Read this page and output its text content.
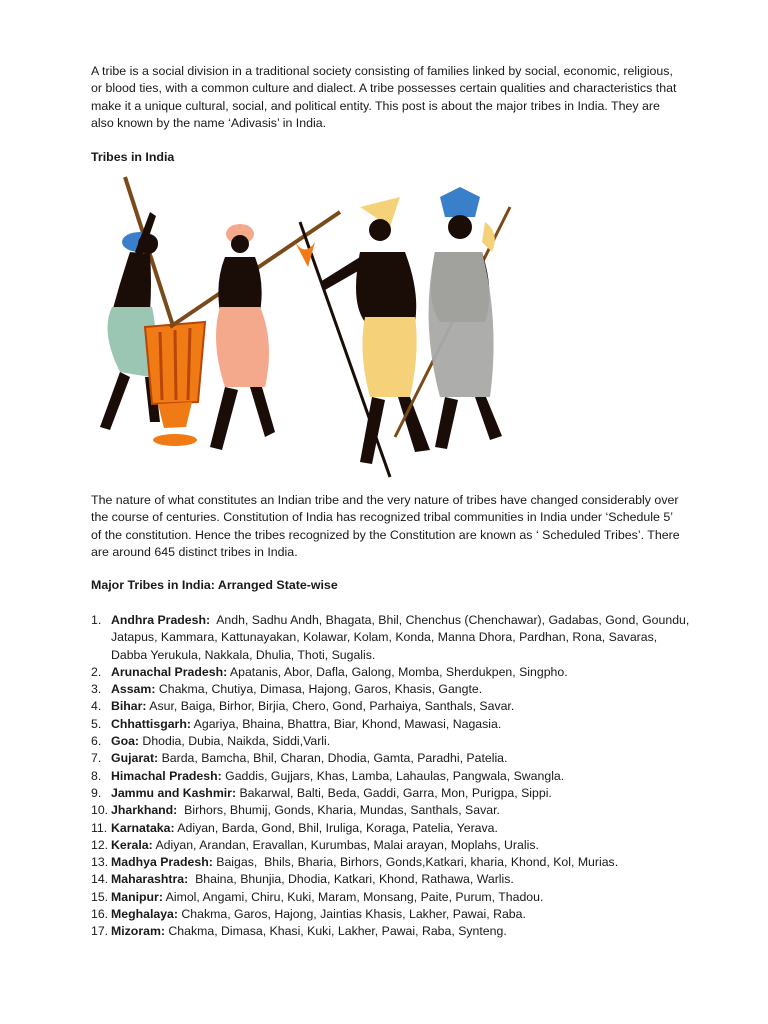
A tribe is a social division in a traditional society consisting of families linked by social, economic, religious, or blood ties, with a common culture and dialect. A tribe possesses certain qualities and characteristics that make it a unique cultural, social, and political entity. This post is about the major tribes in India. They are also known by the name ‘Adivasis’ in India.

Tribes in India

The nature of what constitutes an Indian tribe and the very nature of tribes have changed considerably over the course of centuries. Constitution of India has recognized tribal communities in India under ‘Schedule 5’ of the constitution. Hence the tribes recognized by the Constitution are known as ‘ Scheduled Tribes’. There are around 645 distinct tribes in India.

Major Tribes in India: Arranged State-wise

1. Andhra Pradesh:  Andh, Sadhu Andh, Bhagata, Bhil, Chenchus (Chenchawar), Gadabas, Gond, Goundu, Jatapus, Kammara, Kattunayakan, Kolawar, Kolam, Konda, Manna Dhora, Pardhan, Rona, Savaras, Dabba Yerukula, Nakkala, Dhulia, Thoti, Sugalis.
2. Arunachal Pradesh: Apatanis, Abor, Dafla, Galong, Momba, Sherdukpen, Singpho.
3. Assam: Chakma, Chutiya, Dimasa, Hajong, Garos, Khasis, Gangte.
4. Bihar: Asur, Baiga, Birhor, Birjia, Chero, Gond, Parhaiya, Santhals, Savar.
5. Chhattisgarh: Agariya, Bhaina, Bhattra, Biar, Khond, Mawasi, Nagasia.
6. Goa: Dhodia, Dubia, Naikda, Siddi,Varli.
7. Gujarat: Barda, Bamcha, Bhil, Charan, Dhodia, Gamta, Paradhi, Patelia.
8. Himachal Pradesh: Gaddis, Gujjars, Khas, Lamba, Lahaulas, Pangwala, Swangla.
9. Jammu and Kashmir: Bakarwal, Balti, Beda, Gaddi, Garra, Mon, Purigpa, Sippi.
10. Jharkhand:  Birhors, Bhumij, Gonds, Kharia, Mundas, Santhals, Savar.
11. Karnataka: Adiyan, Barda, Gond, Bhil, Iruliga, Koraga, Patelia, Yerava.
12. Kerala: Adiyan, Arandan, Eravallan, Kurumbas, Malai arayan, Moplahs, Uralis.
13. Madhya Pradesh: Baigas,  Bhils, Bharia, Birhors, Gonds,Katkari, kharia, Khond, Kol, Murias.
14. Maharashtra:  Bhaina, Bhunjia, Dhodia, Katkari, Khond, Rathawa, Warlis.
15. Manipur: Aimol, Angami, Chiru, Kuki, Maram, Monsang, Paite, Purum, Thadou.
16. Meghalaya: Chakma, Garos, Hajong, Jaintias Khasis, Lakher, Pawai, Raba.
17. Mizoram: Chakma, Dimasa, Khasi, Kuki, Lakher, Pawai, Raba, Synteng.
